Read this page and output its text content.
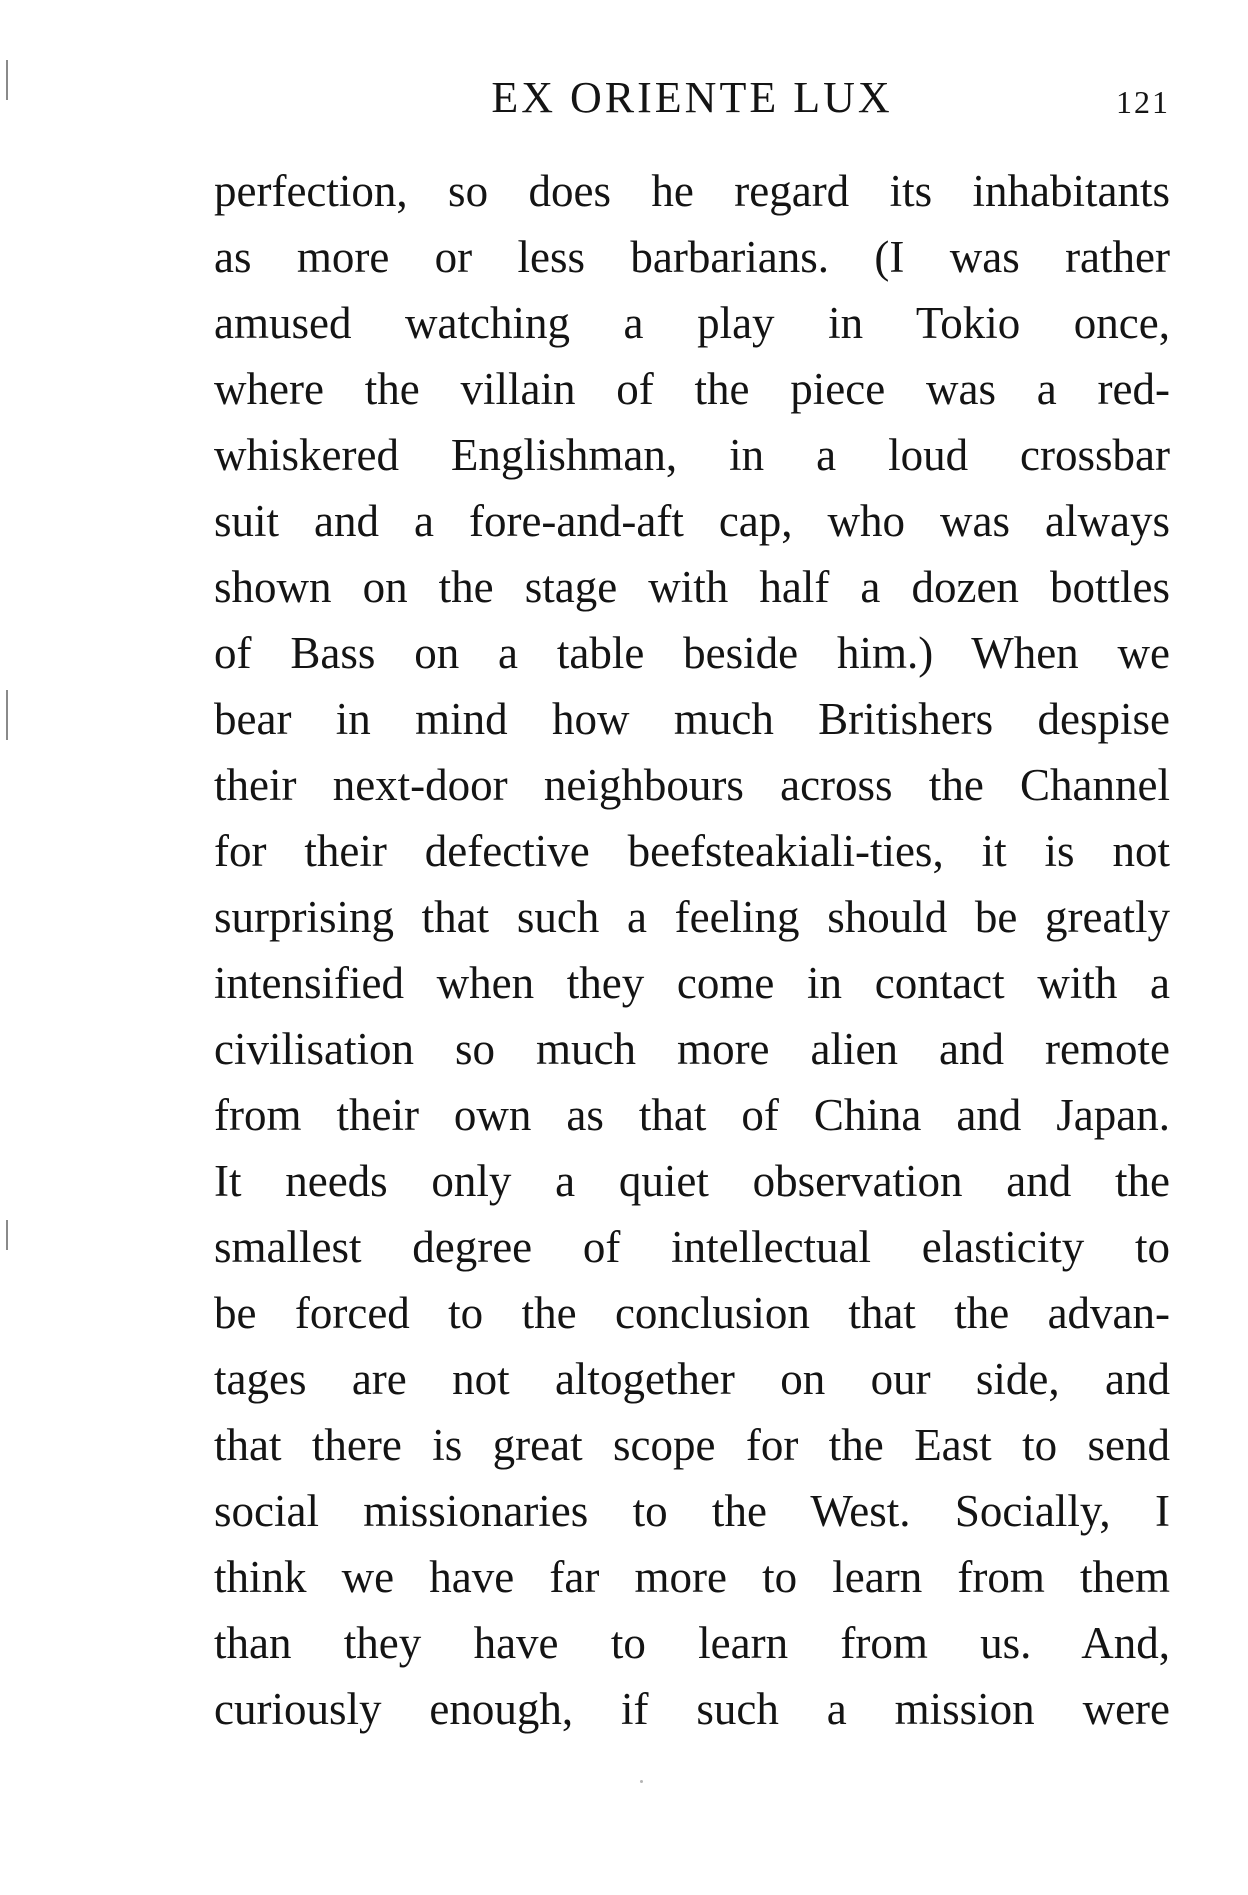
EX ORIENTE LUX	121
perfection, so does he regard its inhabitants
as more or less barbarians. (I was rather
amused watching a play in Tokio once,
where the villain of the piece was a red-
whiskered Englishman, in a loud crossbar
suit and a fore-and-aft cap, who was always
shown on the stage with half a dozen bottles
of Bass on a table beside him.) When we
bear in mind how much Britishers despise
their next-door neighbours across the Channel
for their defective beefsteakiali-ties, it is not
surprising that such a feeling should be greatly
intensified when they come in contact with a
civilisation so much more alien and remote
from their own as that of China and Japan.
It needs only a quiet observation and the
smallest degree of intellectual elasticity to
be forced to the conclusion that the advan-
tages are not altogether on our side, and
that there is great scope for the East to send
social missionaries to the West. Socially, I
think we have far more to learn from them
than they have to learn from us. And,
curiously enough, if such a mission were
